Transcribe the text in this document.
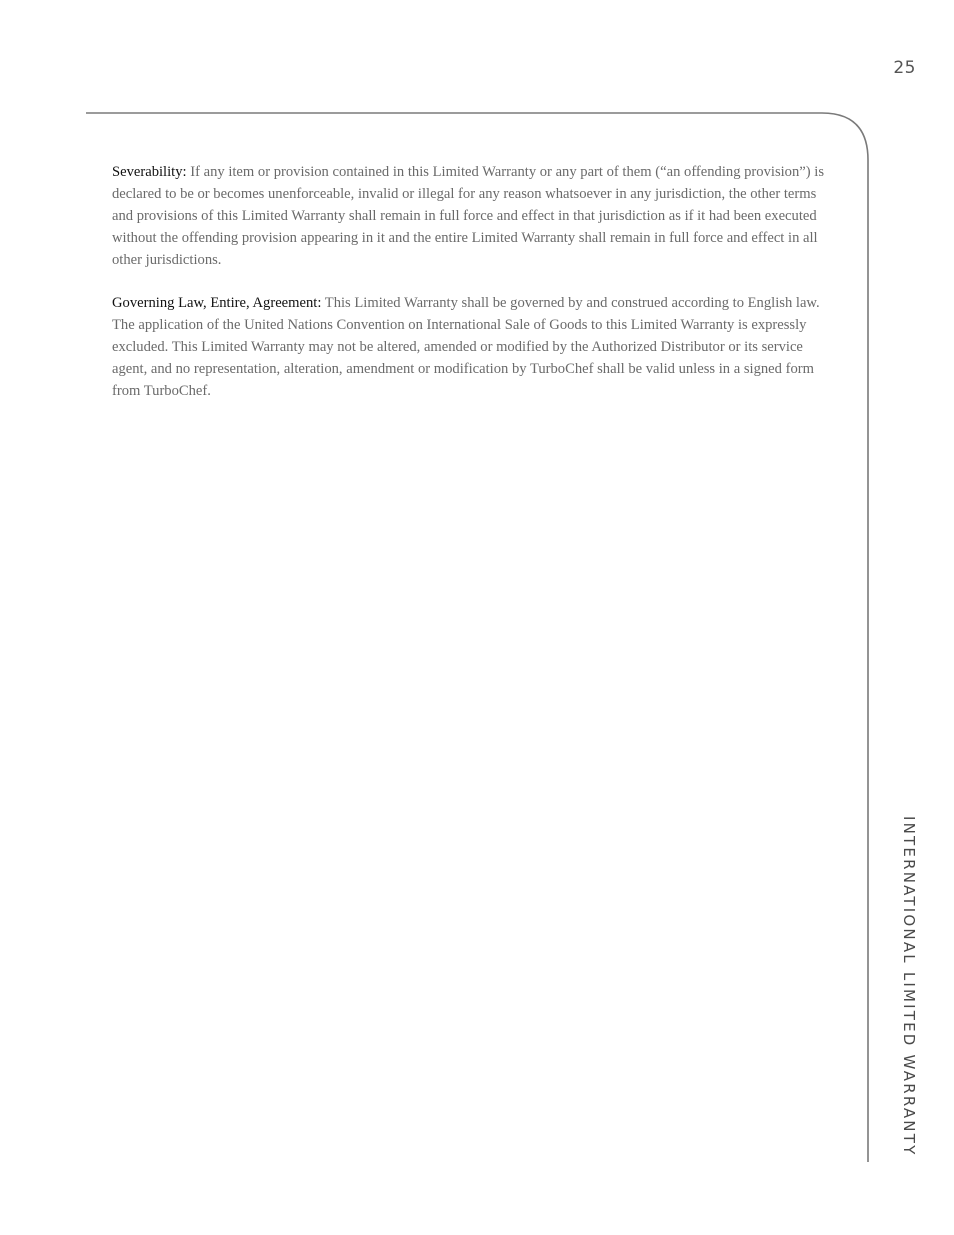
25

Severability: If any item or provision contained in this Limited Warranty or any part of them (“an offending provision”) is declared to be or becomes unenforceable, invalid or illegal for any reason whatsoever in any jurisdiction, the other terms and provisions of this Limited Warranty shall remain in full force and effect in that jurisdiction as if it had been executed without the offending provision appearing in it and the entire Limited Warranty shall remain in full force and effect in all other jurisdictions.

Governing Law, Entire, Agreement: This Limited Warranty shall be governed by and construed according to English law. The application of the United Nations Convention on International Sale of Goods to this Limited Warranty is expressly excluded. This Limited Warranty may not be altered, amended or modified by the Authorized Distributor or its service agent, and no representation, alteration, amendment or modification by TurboChef shall be valid unless in a signed form from TurboChef.

INTERNATIONAL LIMITED WARRANTY
